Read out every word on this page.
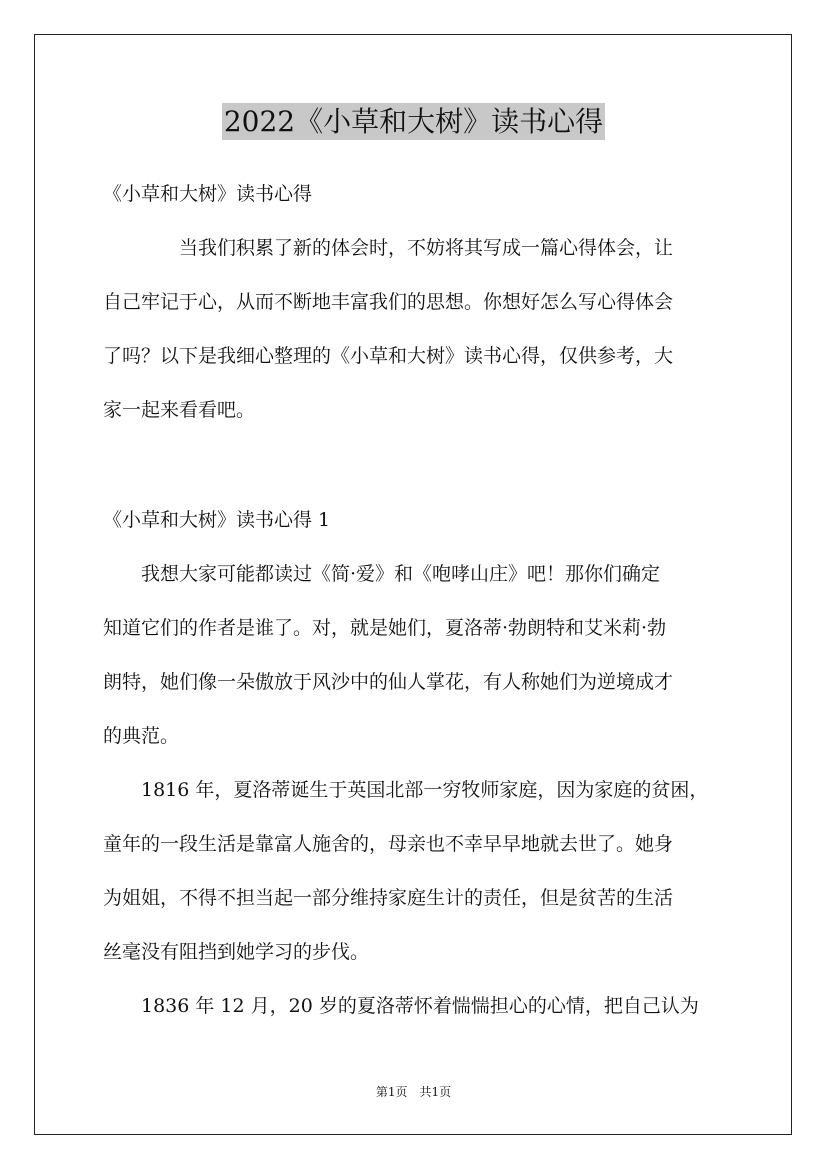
2022《小草和大树》读书心得
《小草和大树》读书心得
　　　　当我们积累了新的体会时，不妨将其写成一篇心得体会，让
自己牢记于心，从而不断地丰富我们的思想。你想好怎么写心得体会
了吗？以下是我细心整理的《小草和大树》读书心得，仅供参考，大
家一起来看看吧。
《小草和大树》读书心得 1
　　我想大家可能都读过《简·爱》和《咆哮山庄》吧！那你们确定
知道它们的作者是谁了。对，就是她们，夏洛蒂·勃朗特和艾米莉·勃
朗特，她们像一朵傲放于风沙中的仙人掌花，有人称她们为逆境成才
的典范。
　　1816 年，夏洛蒂诞生于英国北部一穷牧师家庭，因为家庭的贫困，
童年的一段生活是靠富人施舍的，母亲也不幸早早地就去世了。她身
为姐姐，不得不担当起一部分维持家庭生计的责任，但是贫苦的生活
丝毫没有阻挡到她学习的步伐。
　　1836 年 12 月，20 岁的夏洛蒂怀着惴惴担心的心情，把自己认为
第1页　共1页
